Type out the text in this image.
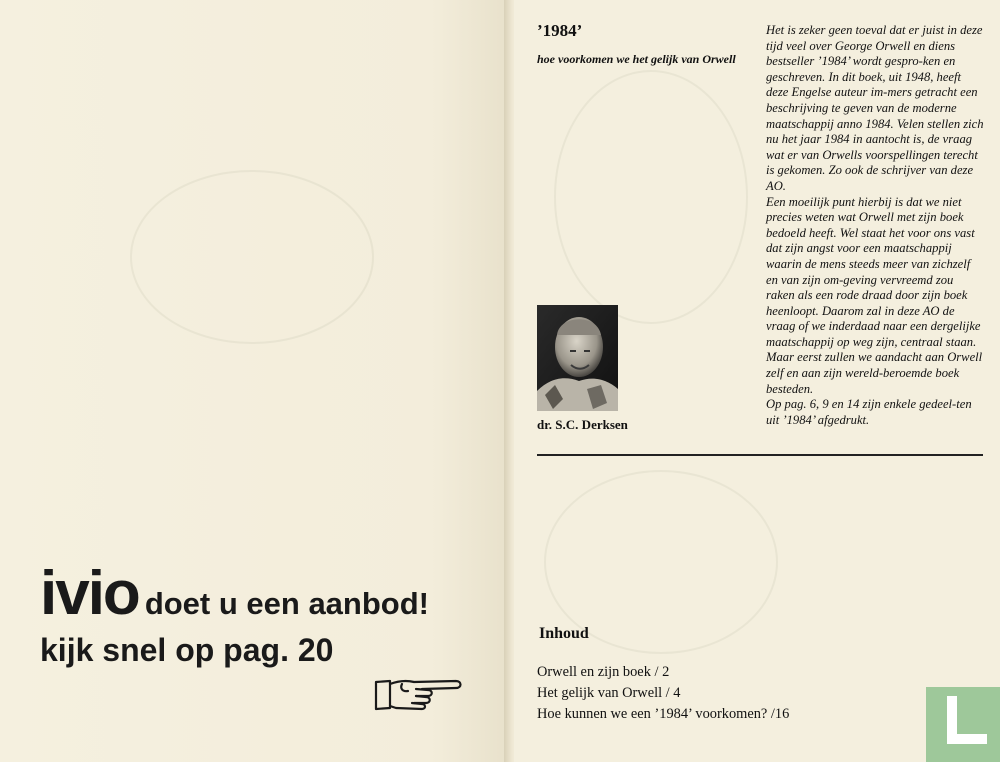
ivio doet u een aanbod!
kijk snel op pag. 20
’1984’
hoe voorkomen we het gelijk van Orwell

Het is zeker geen toeval dat er juist in deze tijd veel over George Orwell en diens bestseller ’1984’ wordt gespro-ken en geschreven. In dit boek, uit 1948, heeft deze Engelse auteur im-mers getracht een beschrijving te geven van de moderne maatschappij anno 1984. Velen stellen zich nu het jaar 1984 in aantocht is, de vraag wat er van Orwells voorspellingen terecht is gekomen. Zo ook de schrijver van deze AO.
Een moeilijk punt hierbij is dat we niet precies weten wat Orwell met zijn boek bedoeld heeft. Wel staat het voor ons vast dat zijn angst voor een maatschappij waarin de mens steeds meer van zichzelf en van zijn om-geving vervreemd zou raken als een rode draad door zijn boek heenloopt. Daarom zal in deze AO de vraag of we inderdaad naar een dergelijke maatschappij op weg zijn, centraal staan. Maar eerst zullen we aandacht aan Orwell zelf en aan zijn wereld-beroemde boek besteden.
Op pag. 6, 9 en 14 zijn enkele gedeel-ten uit ’1984’ afgedrukt.

dr. S.C. Derksen
Inhoud
Orwell en zijn boek / 2
Het gelijk van Orwell / 4
Hoe kunnen we een ’1984’ voorkomen? /16
